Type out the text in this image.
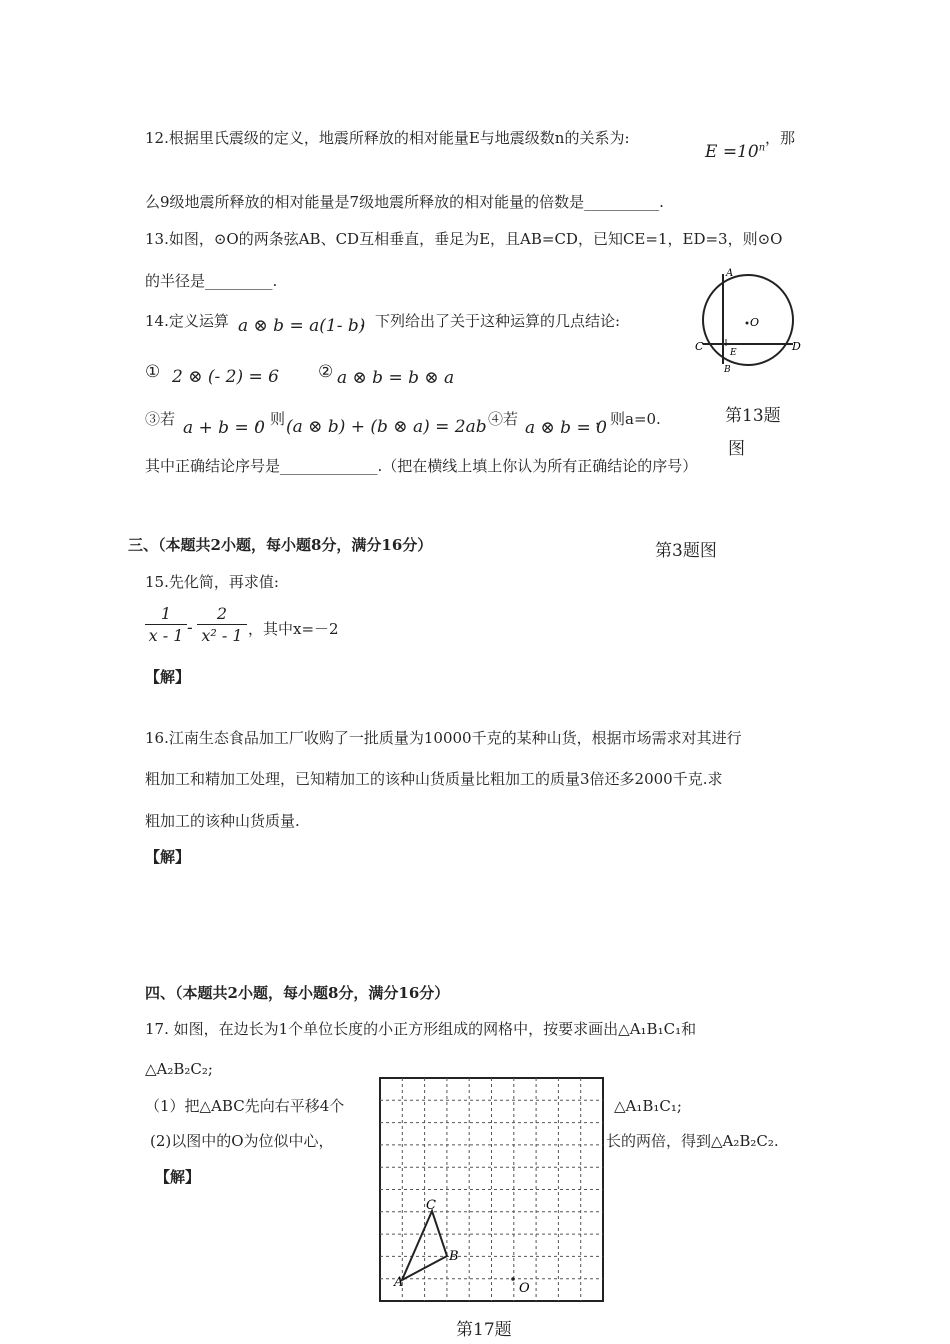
12.根据里氏震级的定义，地震所释放的相对能量E与地震级数n的关系为:
$E =10^n$
，那
么9级地震所释放的相对能量是7级地震所释放的相对能量的倍数是__________.
13.如图，⊙O的两条弦AB、CD互相垂直，垂足为E，且AB=CD，已知CE=1，ED=3，则⊙O
的半径是_________.	A
O
C	E	D
B
第13题
图
14.定义运算 a ⊗ b = a(1- b)
，下列给出了关于这种运算的几点结论:
① 2 ⊗ (- 2) = 6 ② a ⊗ b = b ⊗ a
③若 a + b = 0
，则 (a ⊗ b) + (b ⊗ a) = 2ab ④若 a ⊗ b = 0
，则a=0.
其中正确结论序号是_____________.（把在横线上填上你认为所有正确结论的序号）
三、（本题共2小题，每小题8分，满分16分）	第3题图
15.先化简，再求值:
$\frac{1}{x - 1} - \frac{2}{\text{x² - 1}}$ ，其中x=－2
【解】
16.江南生态食品加工厂收购了一批质量为10000千克的某种山货，根据市场需求对其进行
粗加工和精加工处理，已知精加工的该种山货质量比粗加工的质量3倍还多2000千克.求
粗加工的该种山货质量.
【解】
四、（本题共2小题，每小题8分，满分16分）
17. 如图，在边长为1个单位长度的小正方形组成的网格中，按要求画出△A₁B₁C₁和
△A₂B₂C₂;
（1）把△ABC先向右平移4个	△A₁B₁C₁;
(2)以图中的O为位似中心，	长的两倍，得到△A₂B₂C₂.
【解】
C
B
A	O
第17题
